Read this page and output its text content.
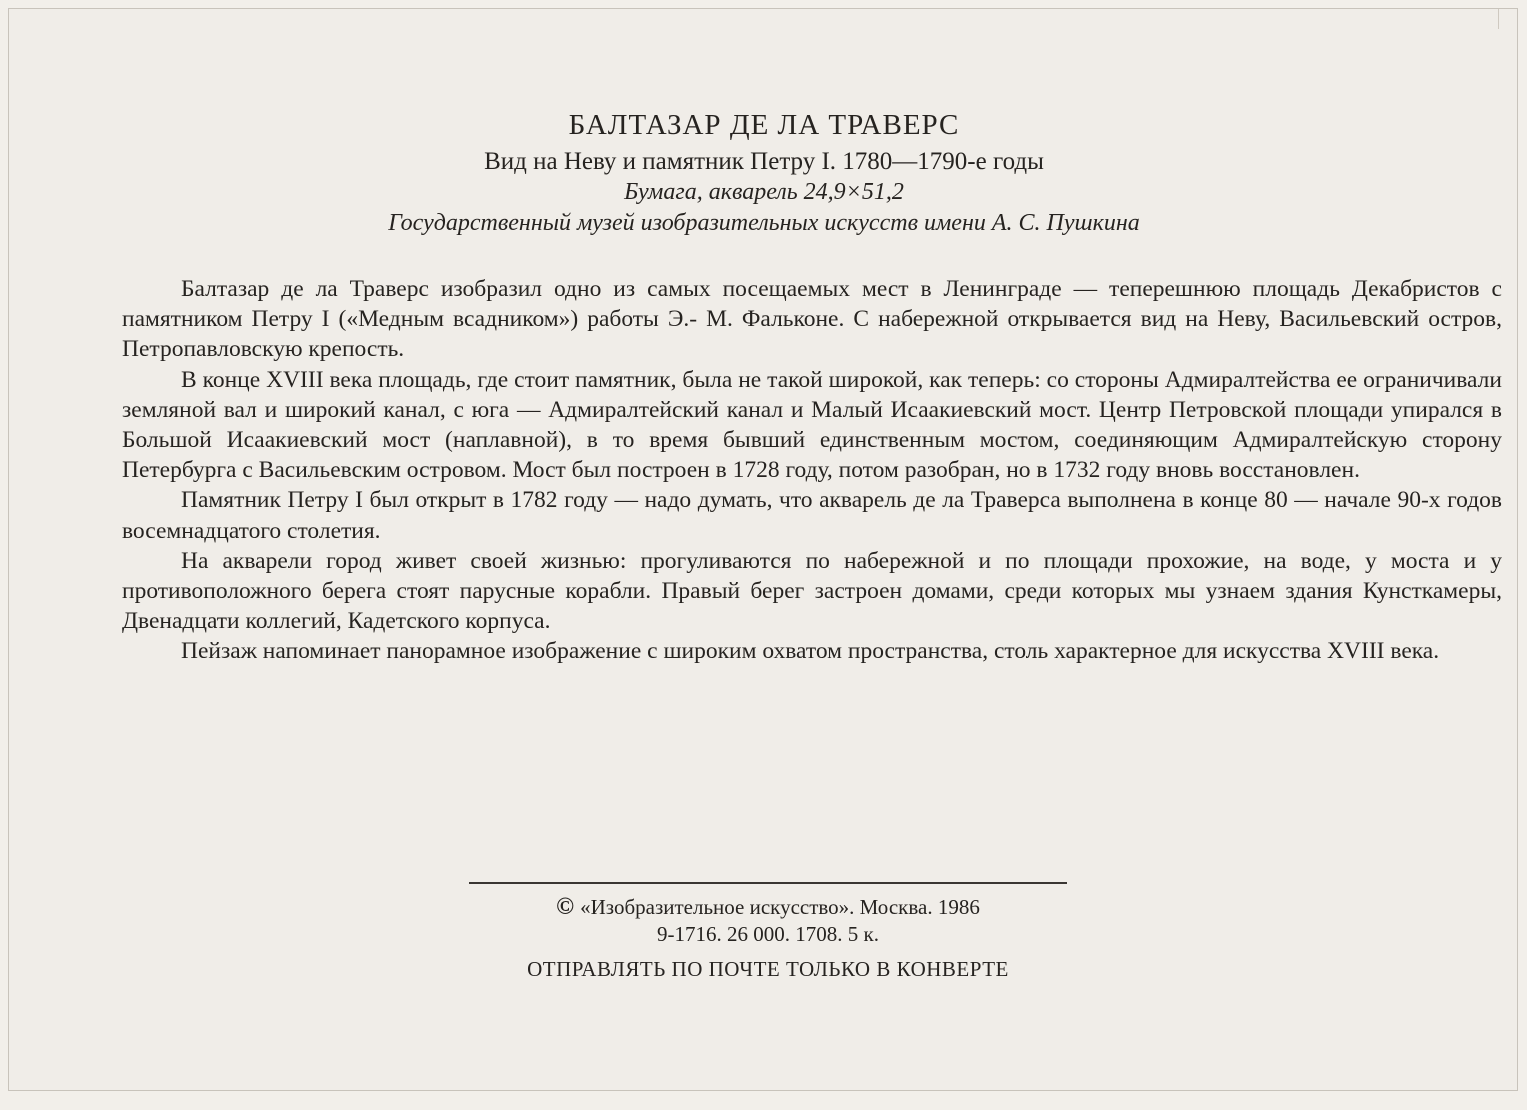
БАЛТАЗАР ДЕ ЛА ТРАВЕРС
Вид на Неву и памятник Петру I. 1780—1790-е годы
Бумага, акварель 24,9×51,2
Государственный музей изобразительных искусств имени А. С. Пушкина

Балтазар де ла Траверс изобразил одно из самых посещаемых мест в Ленинграде — теперешнюю площадь Декабристов с памятником Петру I («Медным всадником») работы Э.- М. Фальконе. С набережной открывается вид на Неву, Васильевский остров, Петропавловскую крепость.

В конце XVIII века площадь, где стоит памятник, была не такой широкой, как теперь: со стороны Адмиралтейства ее ограничивали земляной вал и широкий канал, с юга — Адмиралтейский канал и Малый Исаакиевский мост. Центр Петровской площади упирался в Большой Исаакиевский мост (наплавной), в то время бывший единственным мостом, соединяющим Адмиралтейскую сторону Петербурга с Васильевским островом. Мост был построен в 1728 году, потом разобран, но в 1732 году вновь восстановлен.

Памятник Петру I был открыт в 1782 году — надо думать, что акварель де ла Траверса выполнена в конце 80 — начале 90-х годов восемнадцатого столетия.

На акварели город живет своей жизнью: прогуливаются по набережной и по площади прохожие, на воде, у моста и у противоположного берега стоят парусные корабли. Правый берег застроен домами, среди которых мы узнаем здания Кунсткамеры, Двенадцати коллегий, Кадетского корпуса.

Пейзаж напоминает панорамное изображение с широким охватом пространства, столь характерное для искусства XVIII века.

© «Изобразительное искусство». Москва. 1986
9-1716. 26 000. 1708. 5 к.
ОТПРАВЛЯТЬ ПО ПОЧТЕ ТОЛЬКО В КОНВЕРТЕ
